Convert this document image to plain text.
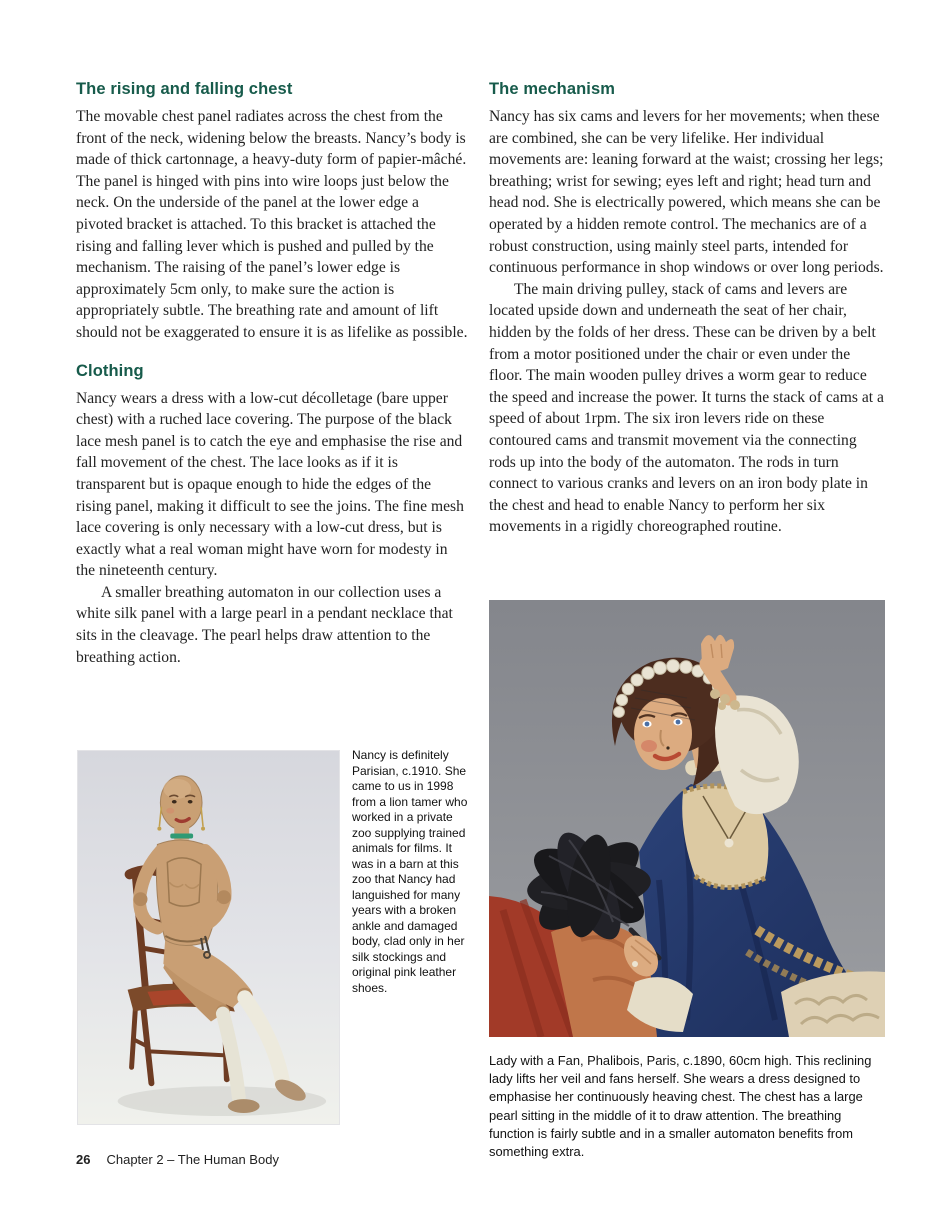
The rising and falling chest

The movable chest panel radiates across the chest from the front of the neck, widening below the breasts. Nancy’s body is made of thick cartonnage, a heavy-duty form of papier-mâché. The panel is hinged with pins into wire loops just below the neck. On the underside of the panel at the lower edge a pivoted bracket is attached. To this bracket is attached the rising and falling lever which is pushed and pulled by the mechanism. The raising of the panel’s lower edge is approximately 5cm only, to make sure the action is appropriately subtle. The breathing rate and amount of lift should not be exaggerated to ensure it is as lifelike as possible.

Clothing

Nancy wears a dress with a low-cut décolletage (bare upper chest) with a ruched lace covering. The purpose of the black lace mesh panel is to catch the eye and emphasise the rise and fall movement of the chest. The lace looks as if it is transparent but is opaque enough to hide the edges of the rising panel, making it difficult to see the joins. The fine mesh lace covering is only necessary with a low-cut dress, but is exactly what a real woman might have worn for modesty in the nineteenth century.

A smaller breathing automaton in our collection uses a white silk panel with a large pearl in a pendant necklace that sits in the cleavage. The pearl helps draw attention to the breathing action.

The mechanism

Nancy has six cams and levers for her movements; when these are combined, she can be very lifelike. Her individual movements are: leaning forward at the waist; crossing her legs; breathing; wrist for sewing; eyes left and right; head turn and head nod. She is electrically powered, which means she can be operated by a hidden remote control. The mechanics are of a robust construction, using mainly steel parts, intended for continuous performance in shop windows or over long periods.

The main driving pulley, stack of cams and levers are located upside down and underneath the seat of her chair, hidden by the folds of her dress. These can be driven by a belt from a motor positioned under the chair or even under the floor. The main wooden pulley drives a worm gear to reduce the speed and increase the power. It turns the stack of cams at a speed of about 1rpm. The six iron levers ride on these contoured cams and transmit movement via the connecting rods up into the body of the automaton. The rods in turn connect to various cranks and levers on an iron body plate in the chest and head to enable Nancy to perform her six movements in a rigidly choreographed routine.

Nancy is definitely Parisian, c.1910. She came to us in 1998 from a lion tamer who worked in a private zoo supplying trained animals for films. It was in a barn at this zoo that Nancy had languished for many years with a broken ankle and damaged body, clad only in her silk stockings and original pink leather shoes.
Lady with a Fan, Phalibois, Paris, c.1890, 60cm high. This reclining lady lifts her veil and fans herself. She wears a dress designed to emphasise her continuously heaving chest. The chest has a large pearl sitting in the middle of it to draw attention. The breathing function is fairly subtle and in a smaller automaton benefits from something extra.
26 Chapter 2 – The Human Body
